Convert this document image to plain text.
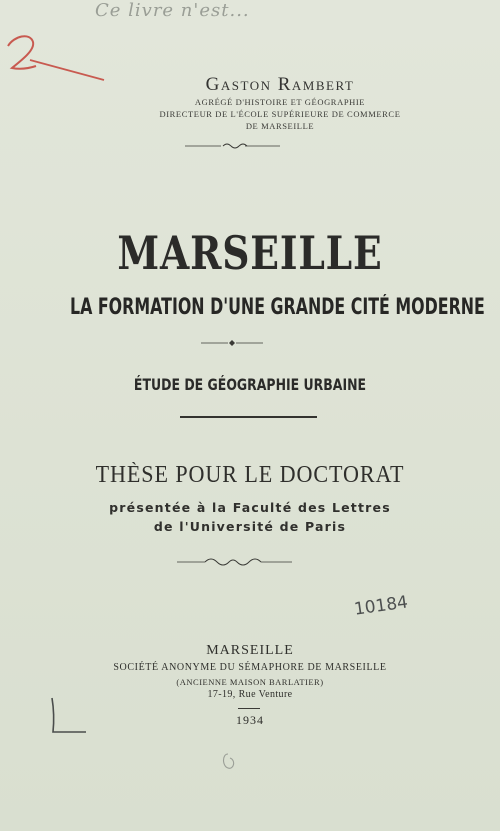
Ce livre n'est...
Gaston Rambert
AGRÉGÉ D'HISTOIRE ET GÉOGRAPHIE
DIRECTEUR DE L'ÉCOLE SUPÉRIEURE DE COMMERCE
DE MARSEILLE
MARSEILLE
LA FORMATION D'UNE GRANDE CITÉ MODERNE
ÉTUDE DE GÉOGRAPHIE URBAINE
THÈSE POUR LE DOCTORAT
présentée à la Faculté des Lettres
de l'Université de Paris
10184
MARSEILLE
SOCIÉTÉ ANONYME DU SÉMAPHORE DE MARSEILLE
(ANCIENNE MAISON BARLATIER)
17-19, Rue Venture
1934
